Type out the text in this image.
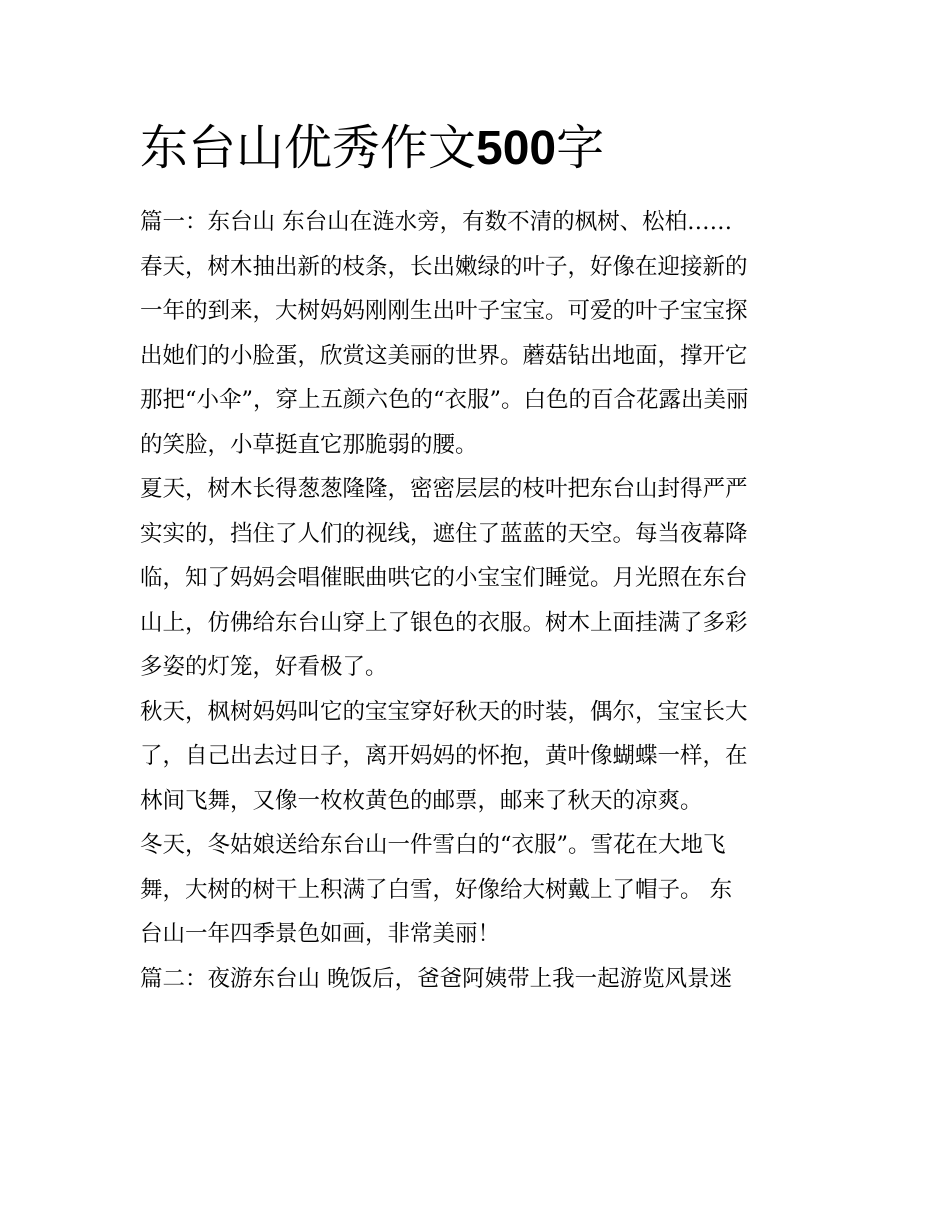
东台山优秀作文500字
篇一：东台山 东台山在涟水旁，有数不清的枫树、松柏……
春天，树木抽出新的枝条，长出嫩绿的叶子，好像在迎接新的
一年的到来，大树妈妈刚刚生出叶子宝宝。可爱的叶子宝宝探
出她们的小脸蛋，欣赏这美丽的世界。蘑菇钻出地面，撑开它
那把“小伞”，穿上五颜六色的“衣服”。白色的百合花露出美丽
的笑脸，小草挺直它那脆弱的腰。
夏天，树木长得葱葱隆隆，密密层层的枝叶把东台山封得严严
实实的，挡住了人们的视线，遮住了蓝蓝的天空。每当夜幕降
临，知了妈妈会唱催眠曲哄它的小宝宝们睡觉。月光照在东台
山上，仿佛给东台山穿上了银色的衣服。树木上面挂满了多彩
多姿的灯笼，好看极了。
秋天，枫树妈妈叫它的宝宝穿好秋天的时装，偶尔，宝宝长大
了，自己出去过日子，离开妈妈的怀抱，黄叶像蝴蝶一样，在
林间飞舞，又像一枚枚黄色的邮票，邮来了秋天的凉爽。
冬天，冬姑娘送给东台山一件雪白的“衣服”。雪花在大地飞
舞，大树的树干上积满了白雪，好像给大树戴上了帽子。 东
台山一年四季景色如画，非常美丽！
篇二：夜游东台山 晚饭后，爸爸阿姨带上我一起游览风景迷
